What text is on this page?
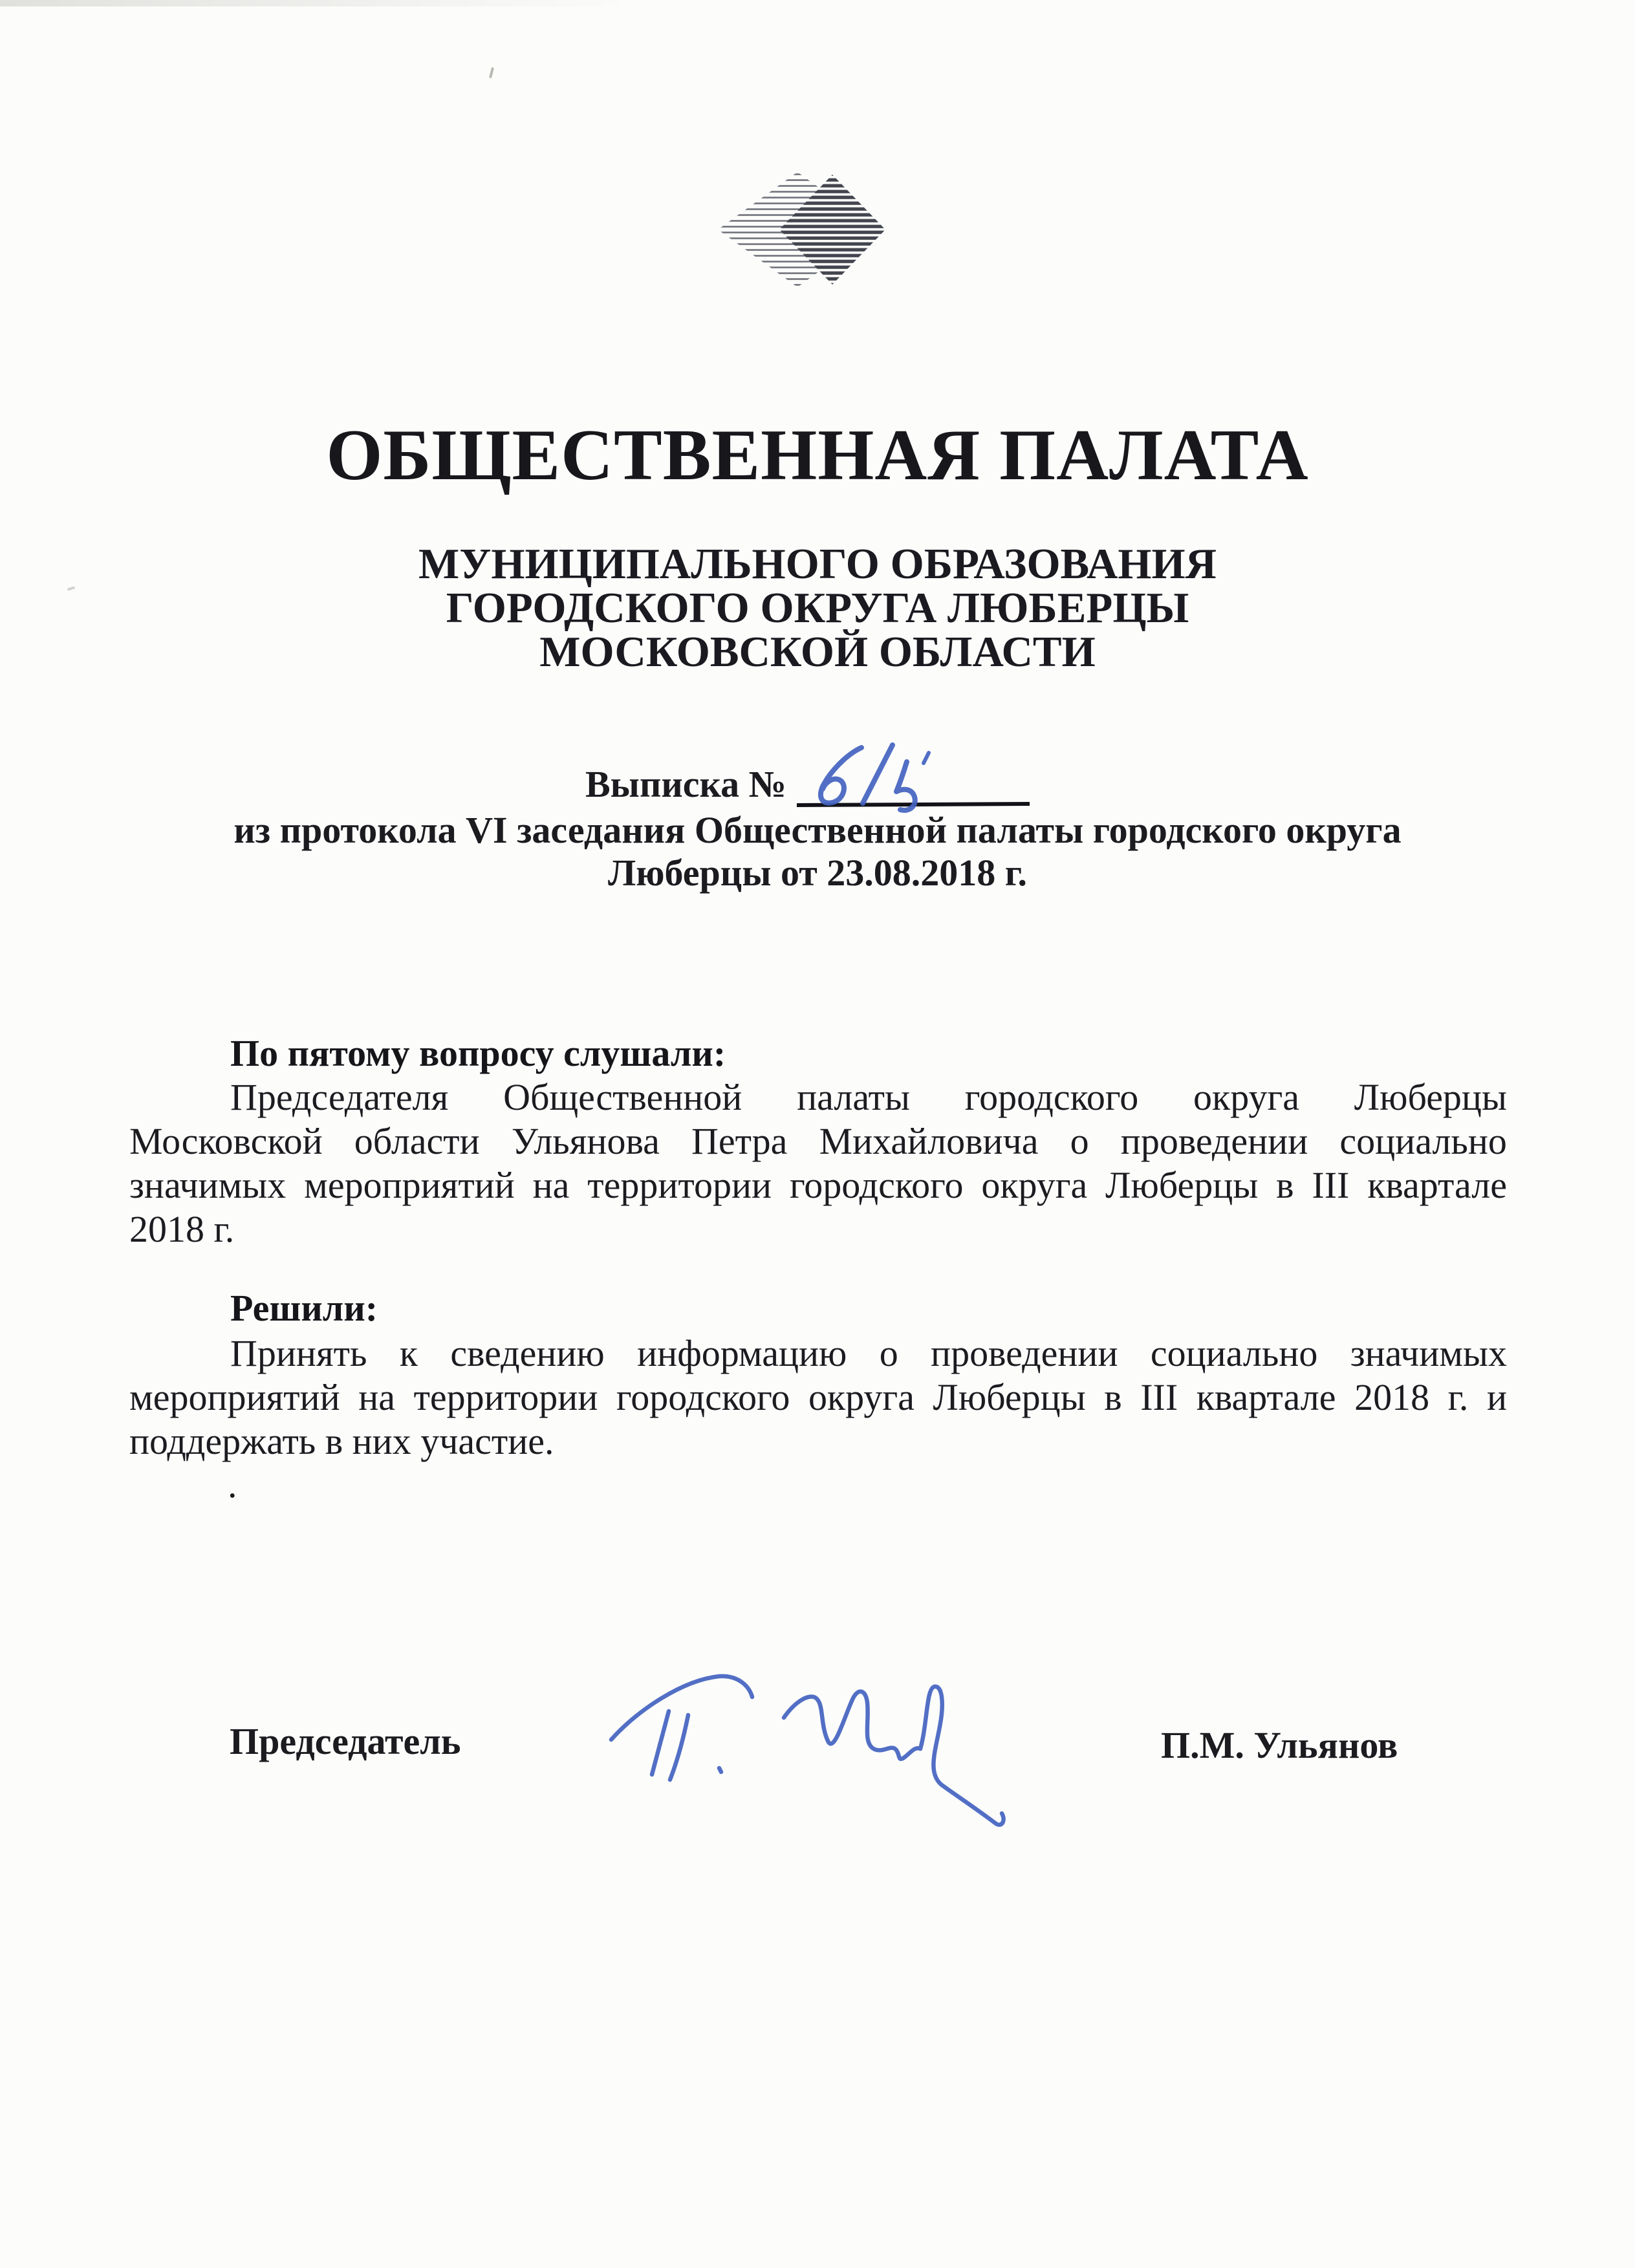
ОБЩЕСТВЕННАЯ ПАЛАТА
МУНИЦИПАЛЬНОГО ОБРАЗОВАНИЯ
ГОРОДСКОГО ОКРУГА ЛЮБЕРЦЫ
МОСКОВСКОЙ ОБЛАСТИ
Выписка №
из протокола VI заседания Общественной палаты городского округа
Люберцы от 23.08.2018 г.
По пятому вопросу слушали:
Председателя Общественной палаты городского округа Люберцы
Московской области Ульянова Петра Михайловича о проведении социально
значимых мероприятий на территории городского округа Люберцы в III квартале
2018 г.
Решили:
Принять к сведению информацию о проведении социально значимых
мероприятий на территории городского округа Люберцы в III квартале 2018 г. и
поддержать в них участие.
.
Председатель	П.М. Ульянов
